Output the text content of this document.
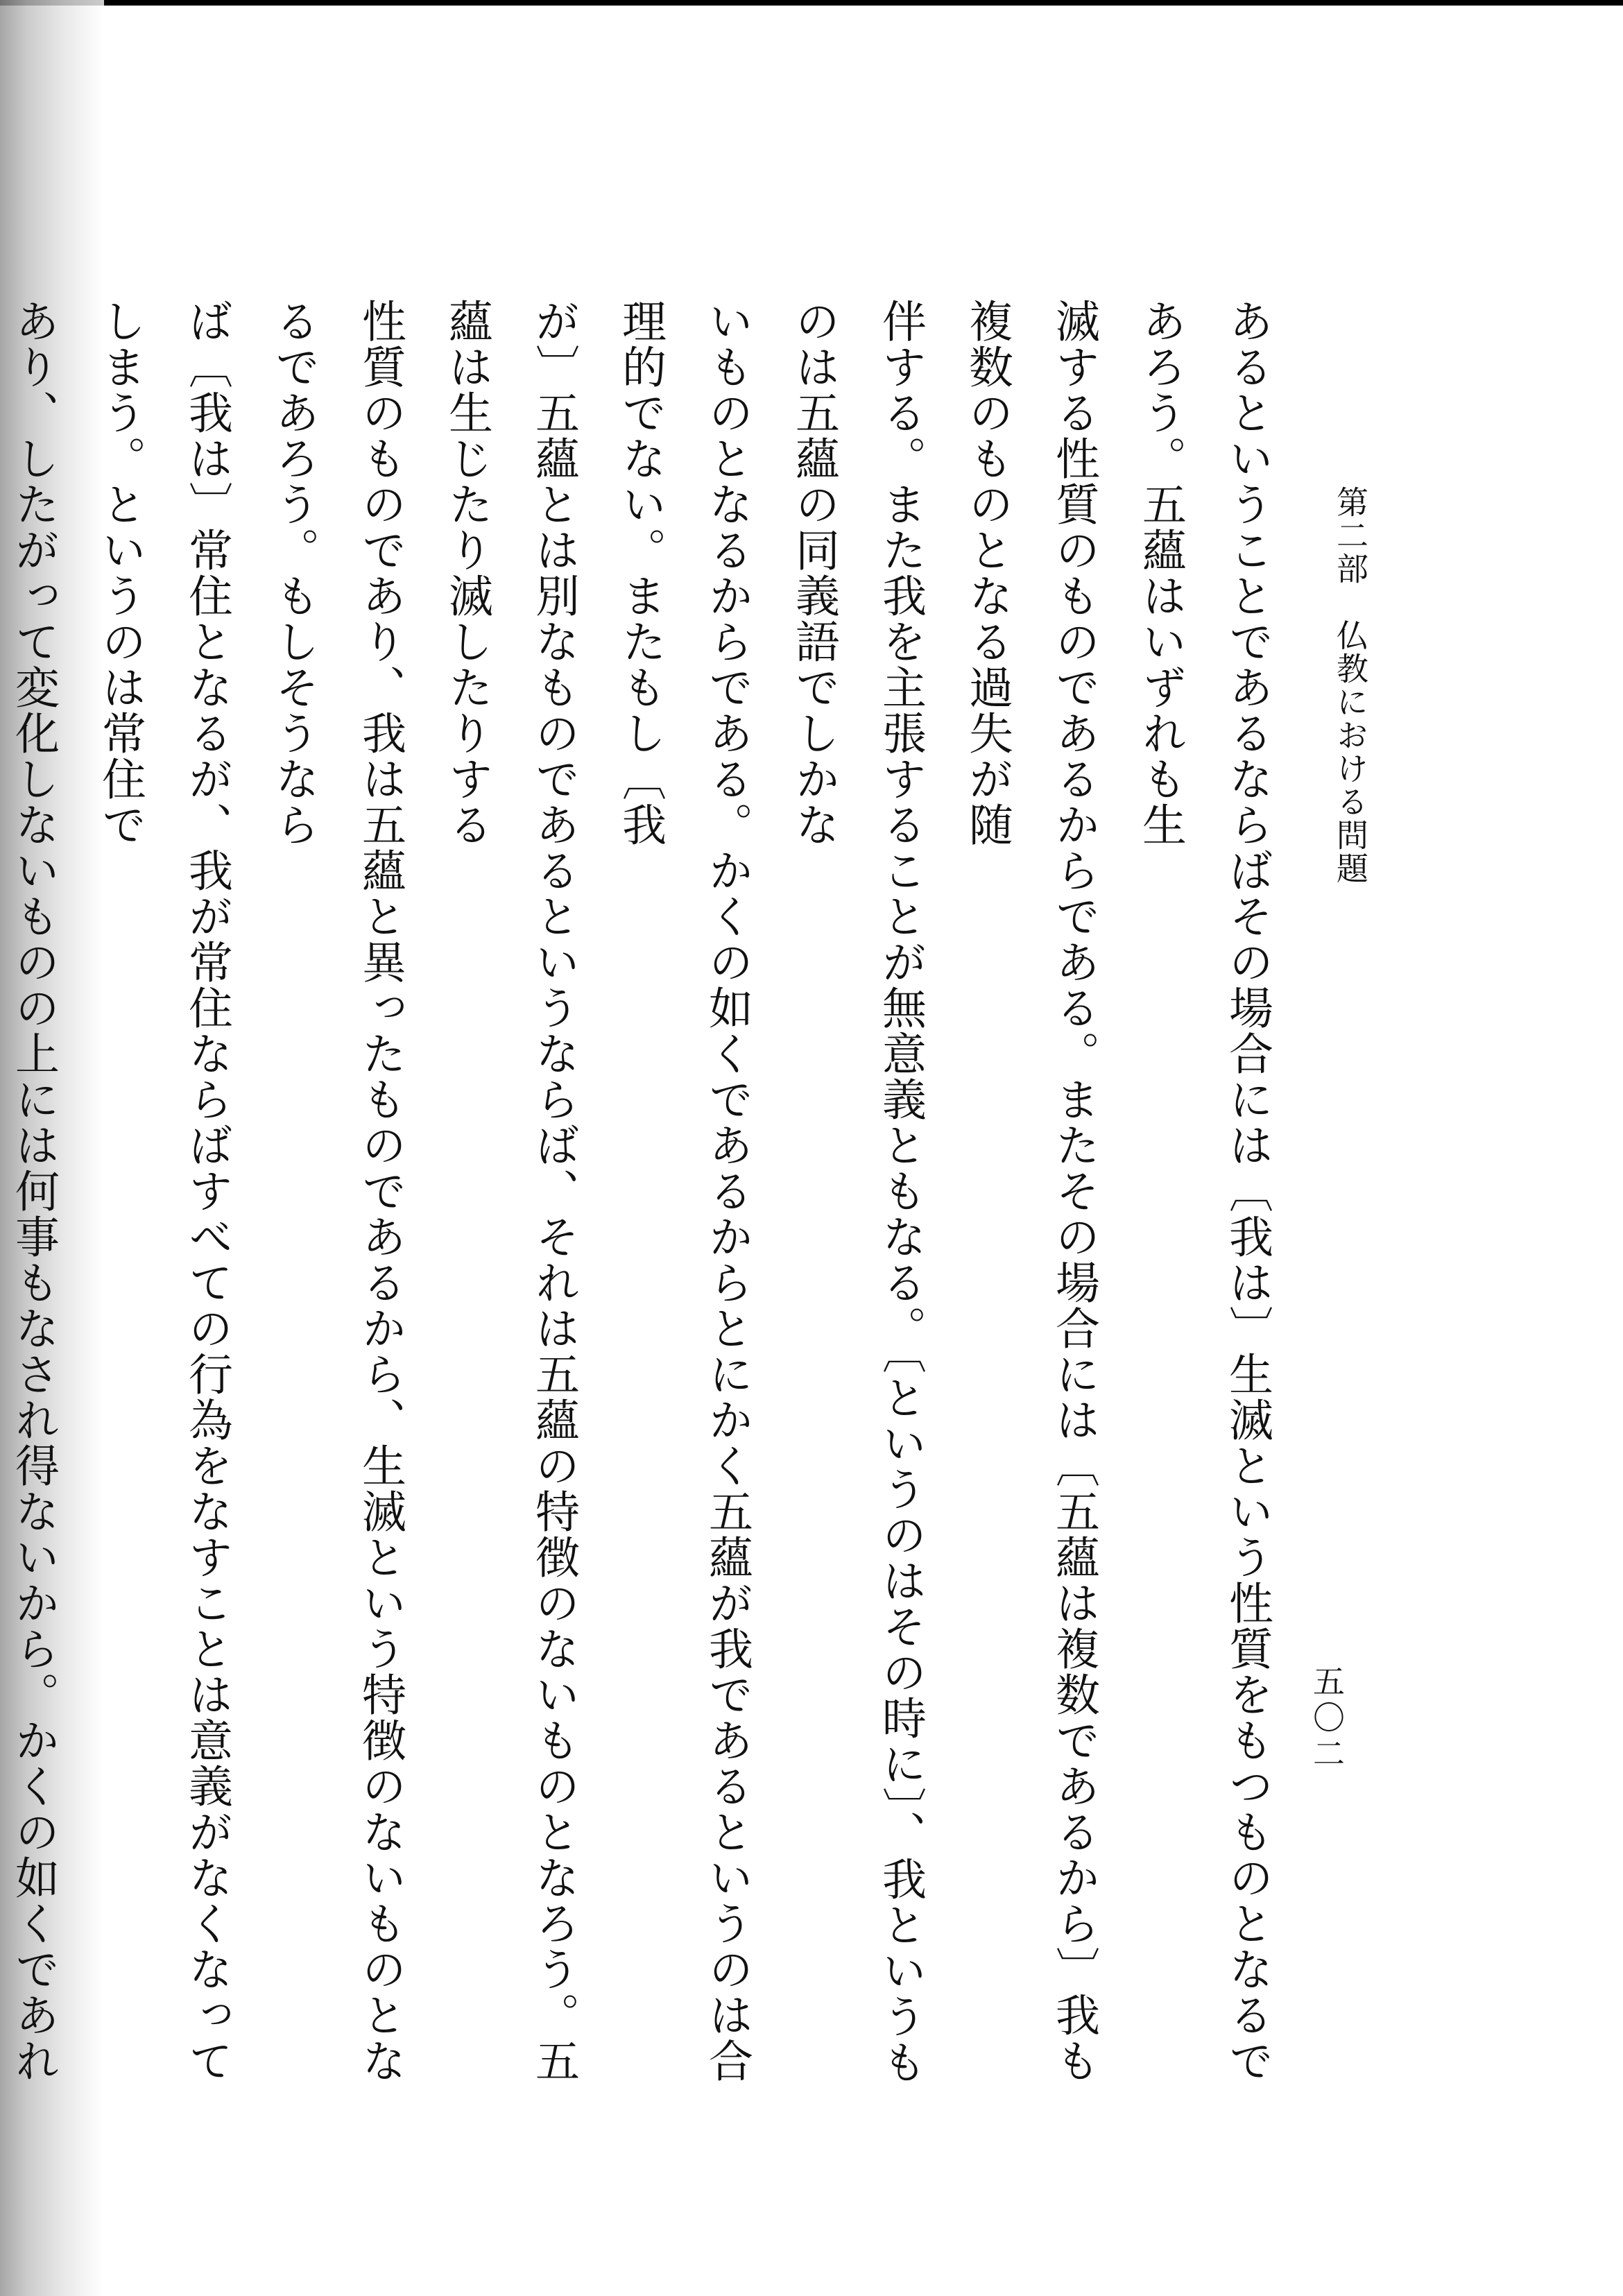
第二部　仏教における問題
五〇二
あるということであるならばその場合には〔我は〕生滅という性質をもつものとなるであろう。五蘊はいずれも生
滅する性質のものであるからである。またその場合には〔五蘊は複数であるから〕我も複数のものとなる過失が随
伴する。また我を主張することが無意義ともなる。〔というのはその時に〕、我というものは五蘊の同義語でしかな
いものとなるからである。かくの如くであるからとにかく五蘊が我であるというのは合理的でない。またもし〔我
が〕五蘊とは別なものであるというならば、それは五蘊の特徴のないものとなろう。五蘊は生じたり滅したりする
性質のものであり、我は五蘊と異ったものであるから、生滅という特徴のないものとなるであろう。もしそうなら
ば〔我は〕常住となるが、我が常住ならばすべての行為をなすことは意義がなくなってしまう。というのは常住で
あり、したがって変化しないものの上には何事もなされ得ないから。かくの如くであれ
